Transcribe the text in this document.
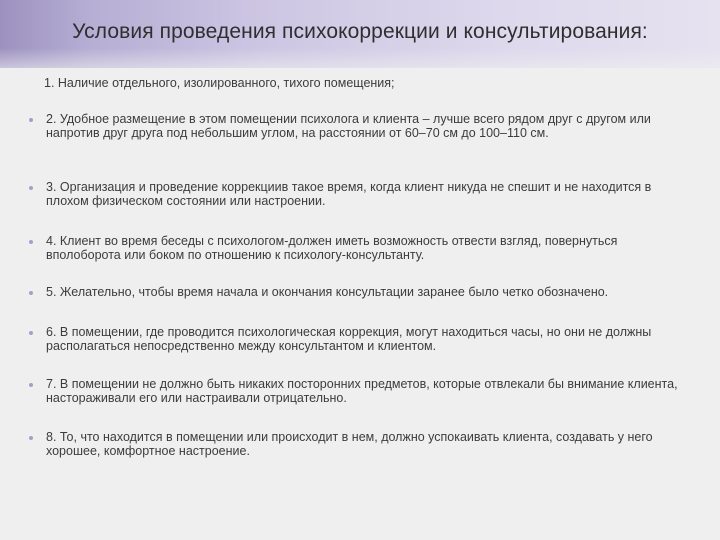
Условия проведения психокоррекции и консультирования:
1. Наличие отдельного, изолированного, тихого помещения;
2. Удобное размещение в этом помещении психолога и клиента – лучше всего рядом друг с другом или напротив друг друга под небольшим углом, на расстоянии от 60–70 см до 100–110 см.
3. Организация и проведение коррекциив такое время, когда клиент никуда не спешит и не находится в плохом физическом состоянии или настроении.
4. Клиент во время беседы с психологом-должен иметь возможность отвести взгляд, повернуться вполоборота или боком по отношению к психологу-консультанту.
5. Желательно, чтобы время начала и окончания консультации заранее было четко обозначено.
6. В помещении, где проводится психологическая коррекция, могут находиться часы, но они не должны располагаться непосредственно между консультантом и клиентом.
7. В помещении не должно быть никаких посторонних предметов, которые отвлекали бы внимание клиента, настораживали его или настраивали отрицательно.
8. То, что находится в помещении или происходит в нем, должно успокаивать клиента, создавать у него хорошее, комфортное настроение.
